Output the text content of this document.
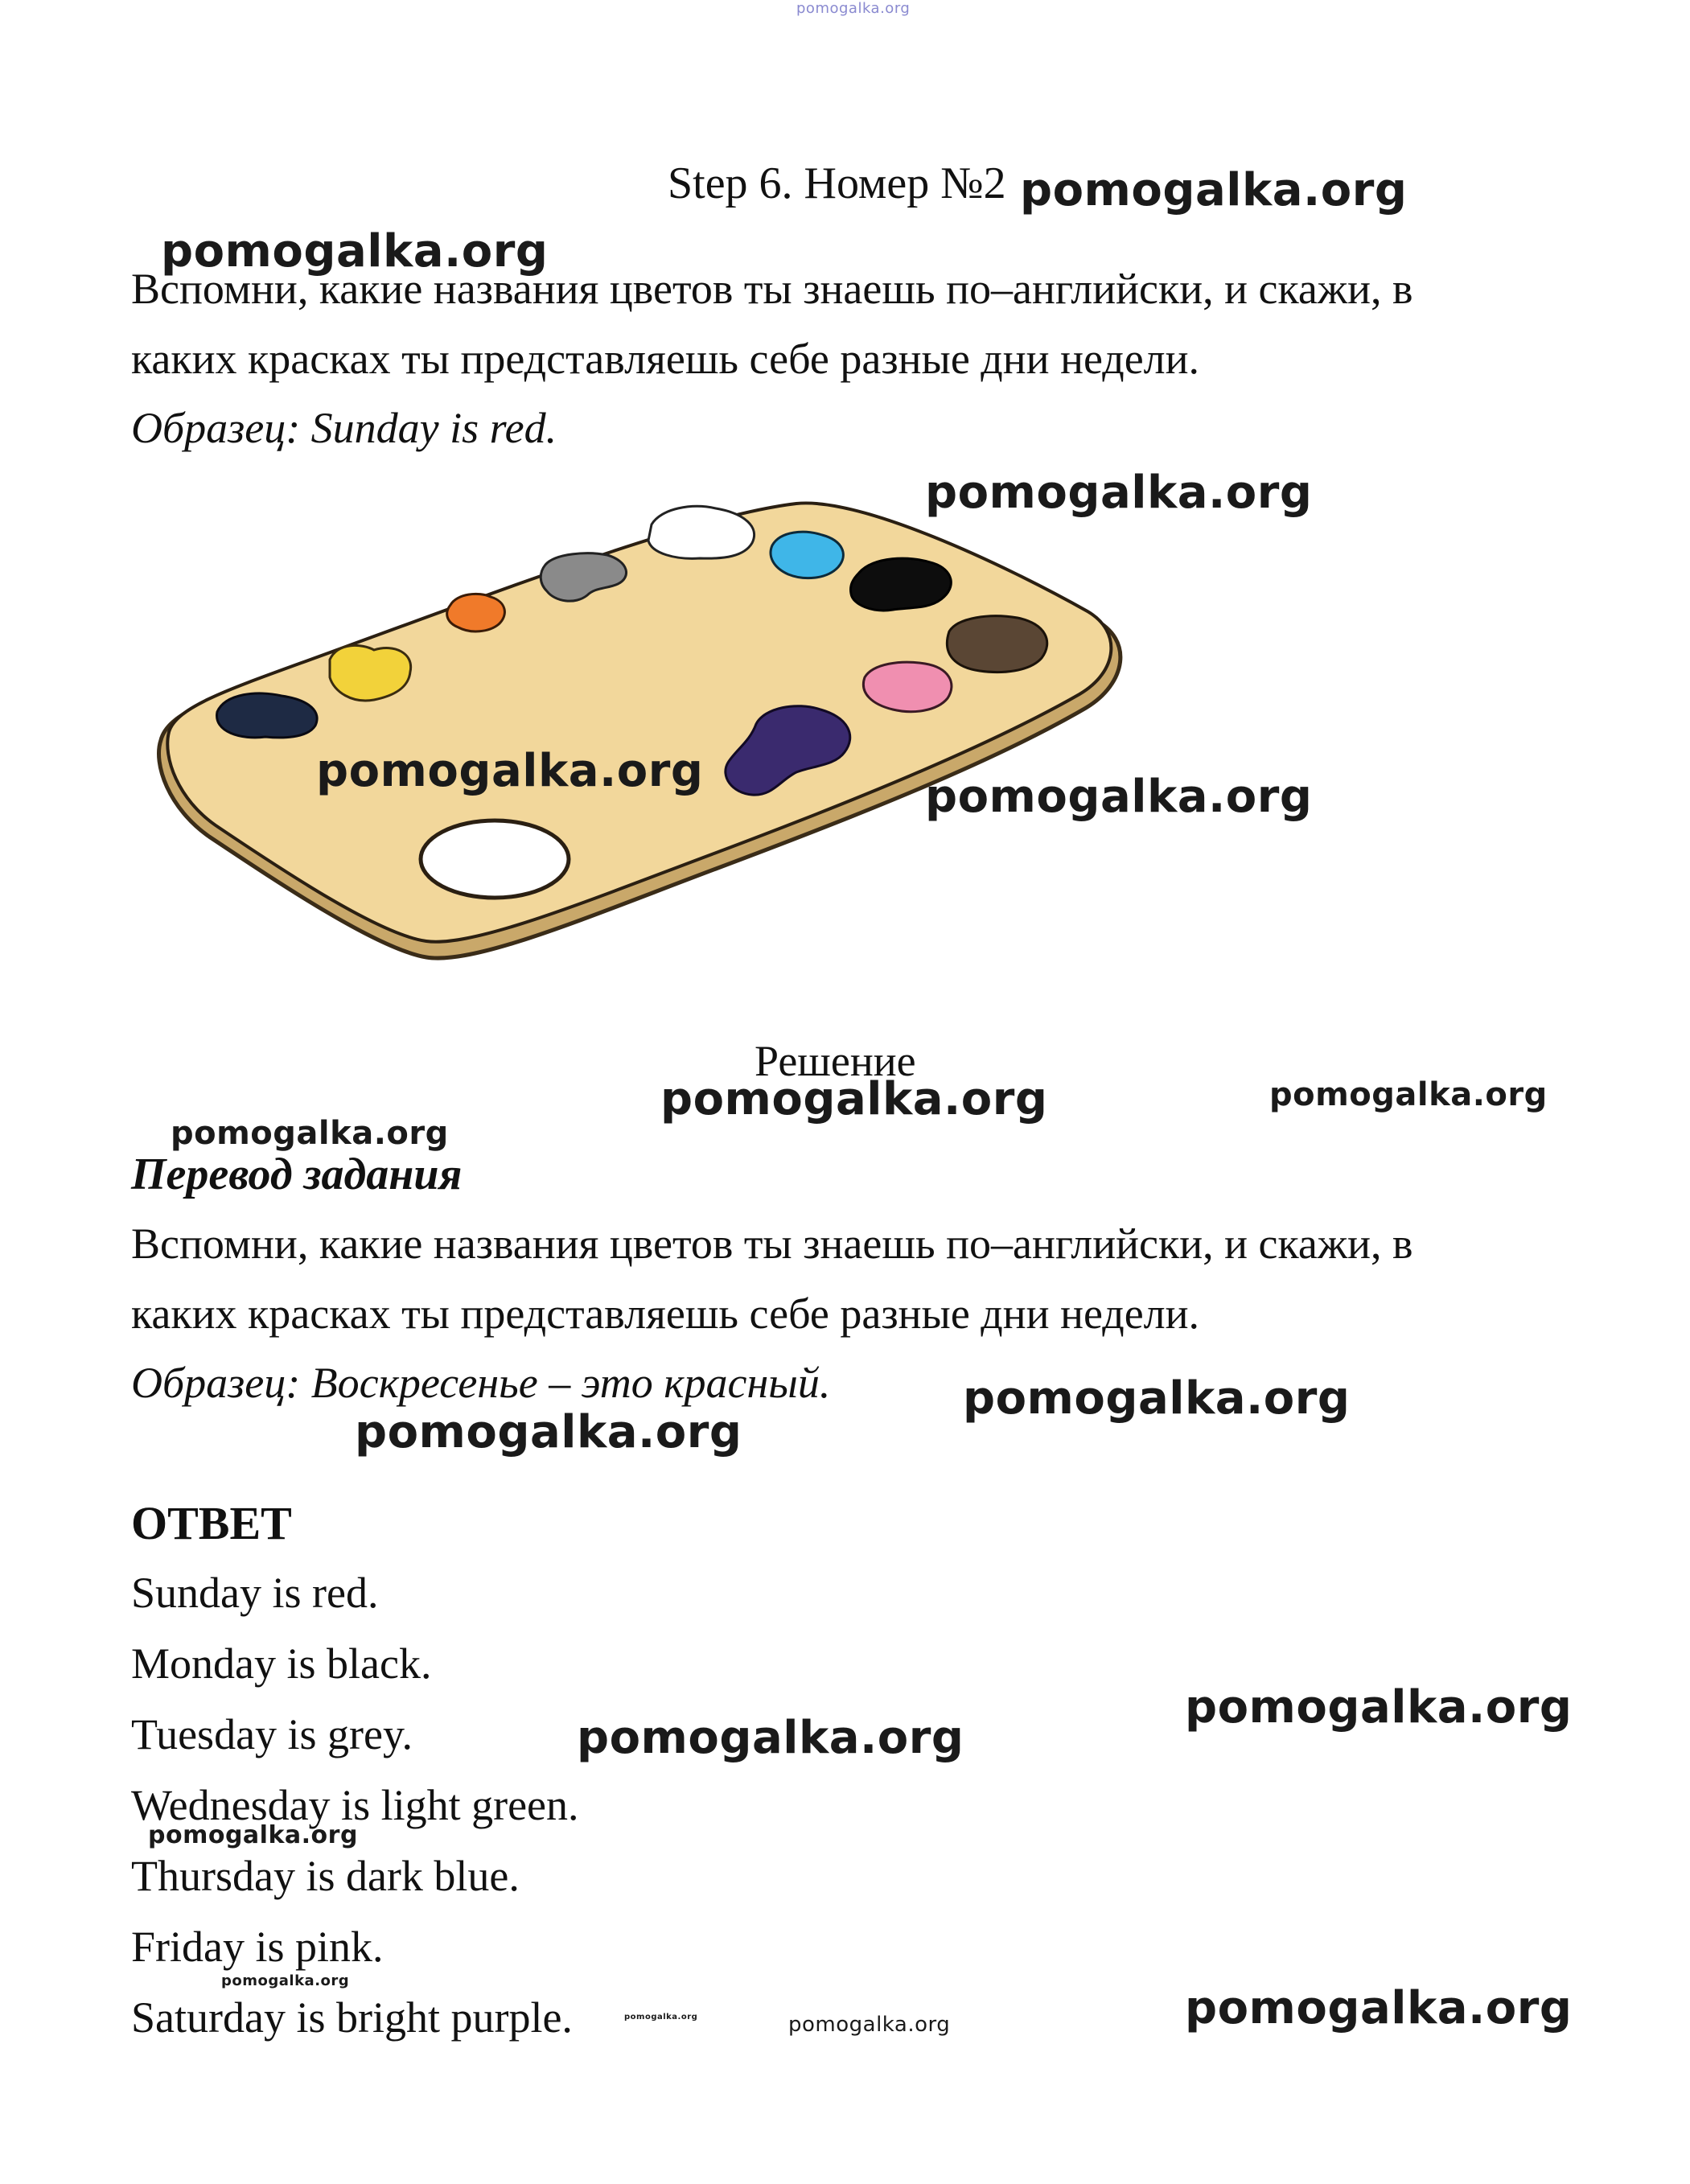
pomogalka.org
Step 6. Номер №2 pomogalka.org
pomogalka.org
Вспомни, какие названия цветов ты знаешь по–английски, и скажи, в
каких красках ты представляешь себе разные дни недели.
Образец: Sunday is red.
pomogalka.org
pomogalka.org	pomogalka.org
Решение
pomogalka.org	pomogalka.org
pomogalka.org
Перевод задания
Вспомни, какие названия цветов ты знаешь по–английски, и скажи, в
каких красках ты представляешь себе разные дни недели.
Образец: Воскресенье – это красный.	pomogalka.org
pomogalka.org
ОТВЕТ
Sunday is red.
Monday is black.
Tuesday is grey.
Wednesday is light green.
Thursday is dark blue.
Friday is pink.
Saturday is bright purple.
pomogalka.org
pomogalka.org
pomogalka.org
pomogalka.org
pomogalka.org	pomogalka.org	pomogalka.org
